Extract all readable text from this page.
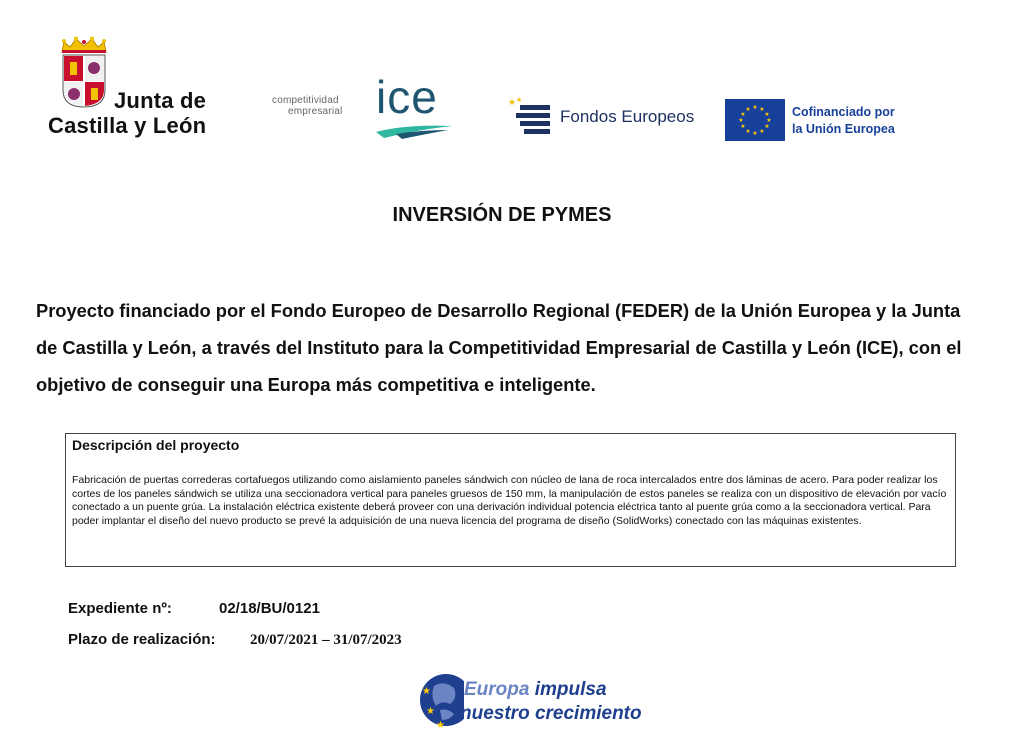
Junta de
Castilla y León
competitividad
empresarial ice	★ ★
Fondos Europeos	★ ★
★
★
★
★
★
★
★
★
★
★	Cofinanciado por
la Unión Europea
INVERSIÓN DE PYMES
Proyecto financiado por el Fondo Europeo de Desarrollo Regional (FEDER) de la Unión Europea y la Junta de Castilla y León, a través del Instituto para la Competitividad Empresarial de Castilla y León (ICE), con el objetivo de conseguir una Europa más competitiva e inteligente.
Descripción del proyecto
Fabricación de puertas correderas cortafuegos utilizando como aislamiento paneles sándwich con núcleo de lana de roca intercalados entre dos láminas de acero. Para poder realizar los cortes de los paneles sándwich se utiliza una seccionadora vertical para paneles gruesos de 150 mm, la manipulación de estos paneles se realiza con un dispositivo de elevación por vacío conectado a un puente grúa. La instalación eléctrica existente deberá proveer con una derivación individual potencia eléctrica tanto al puente grúa como a la seccionadora vertical. Para poder implantar el diseño del nuevo producto se prevé la adquisición de una nueva licencia del programa de diseño (SolidWorks) conectado con las máquinas existentes.
Expediente nº:	02/18/BU/0121
Plazo de realización: 20/07/2021 – 31/07/2023
★
★
★
Europa impulsa
nuestro crecimiento
